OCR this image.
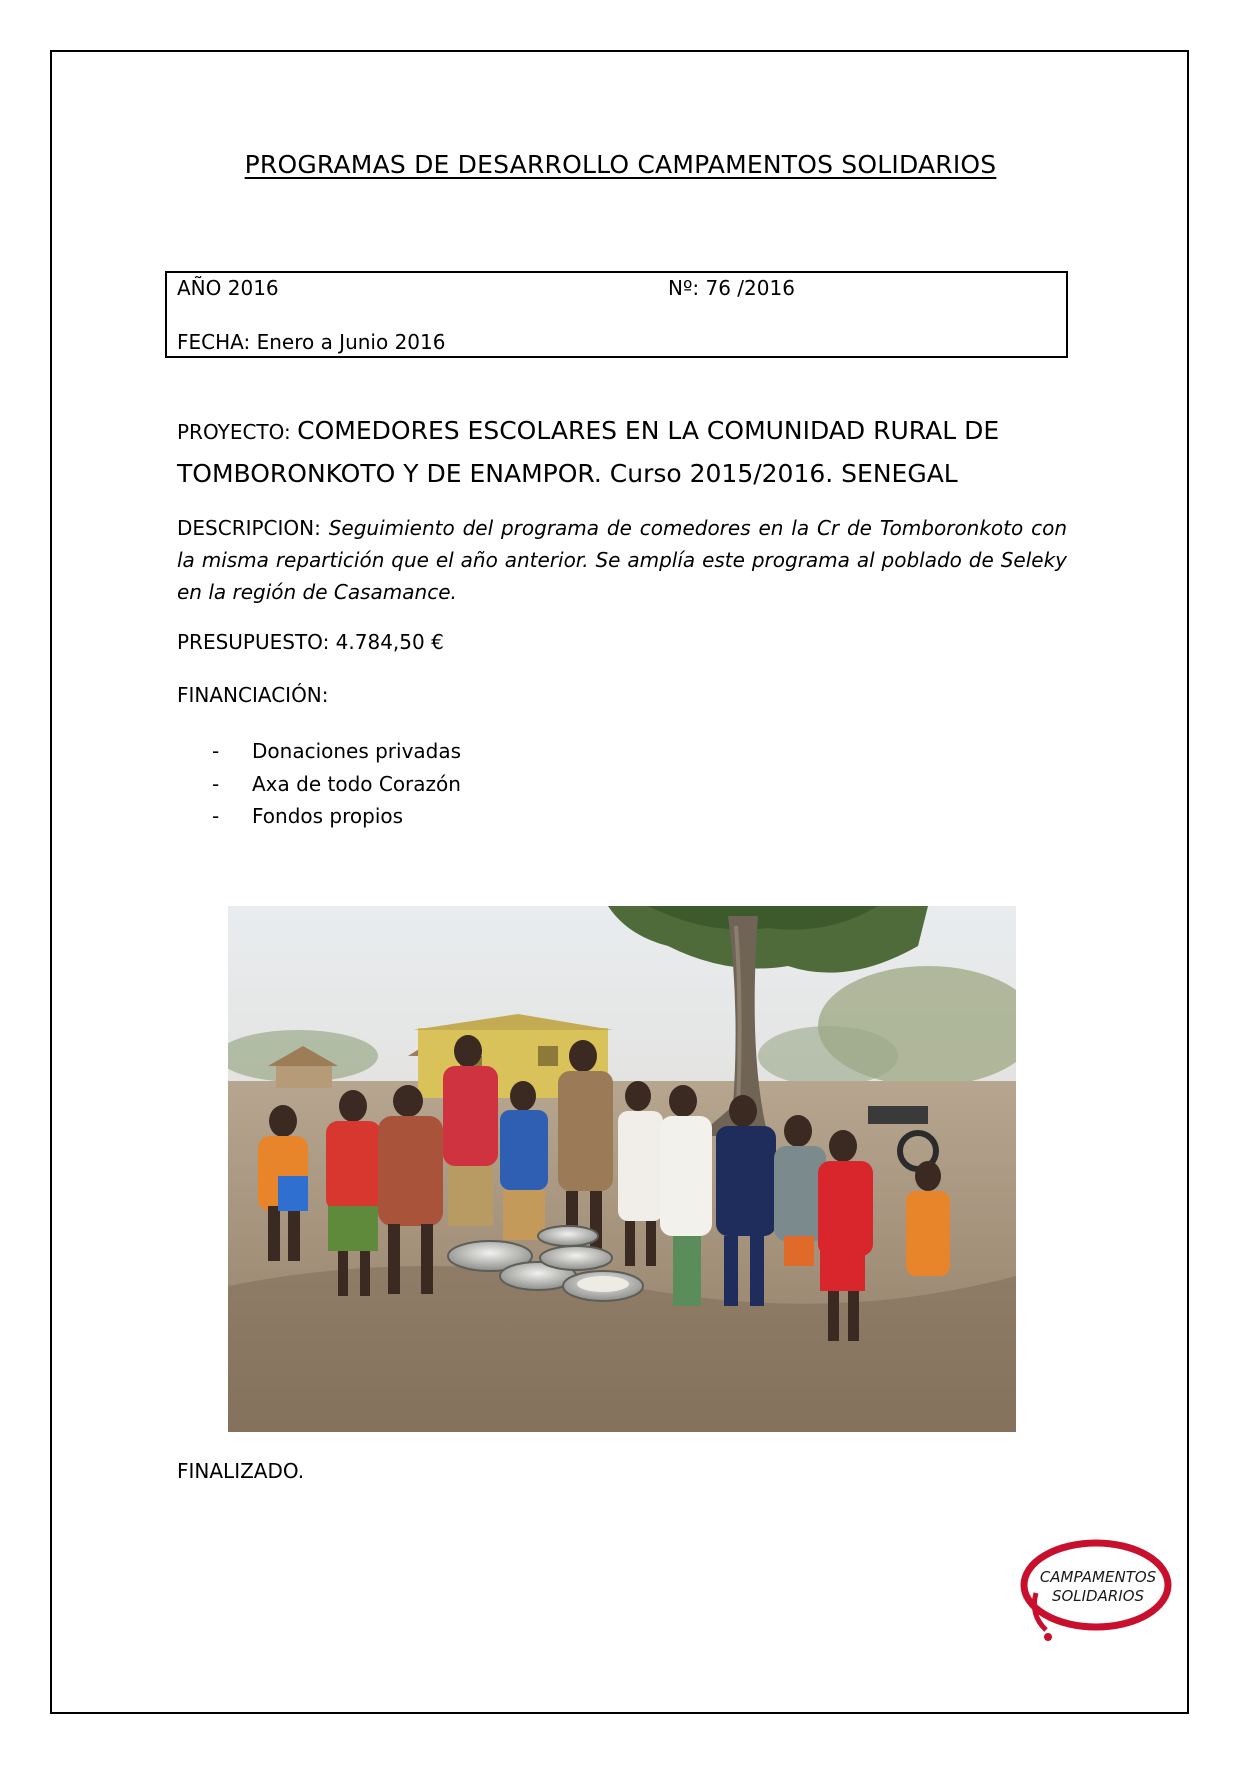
PROGRAMAS DE DESARROLLO CAMPAMENTOS SOLIDARIOS
AÑO 2016	Nº: 76 /2016
FECHA: Enero a Junio 2016
PROYECTO: COMEDORES ESCOLARES EN LA COMUNIDAD RURAL DE TOMBORONKOTO Y DE ENAMPOR. Curso 2015/2016. SENEGAL
DESCRIPCION: Seguimiento del programa de comedores en la Cr de Tomboronkoto con la misma repartición que el año anterior. Se amplía este programa al poblado de Seleky en la región de Casamance.
PRESUPUESTO: 4.784,50 €
FINANCIACIÓN:
- Donaciones privadas
- Axa de todo Corazón
- Fondos propios
FINALIZADO.
CAMPAMENTOS
SOLIDARIOS
